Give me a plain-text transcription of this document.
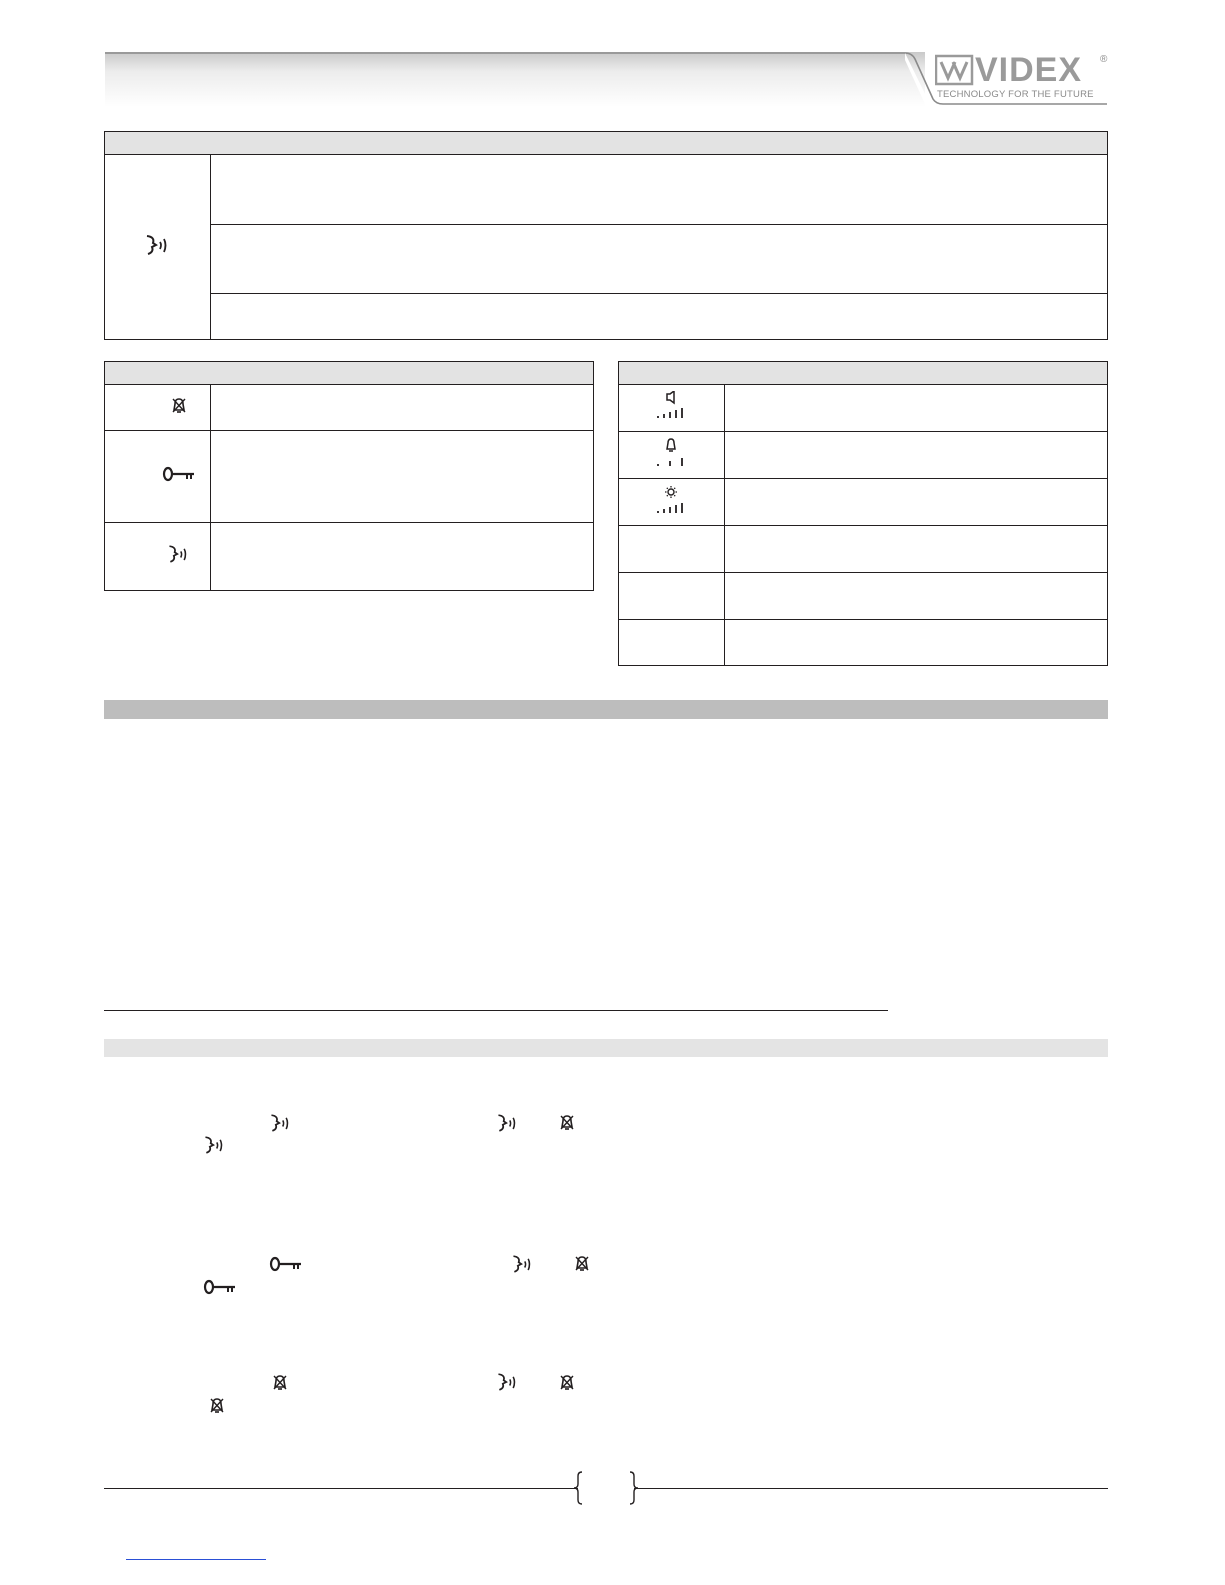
VIDEX ®
TECHNOLOGY FOR THE FUTURE
